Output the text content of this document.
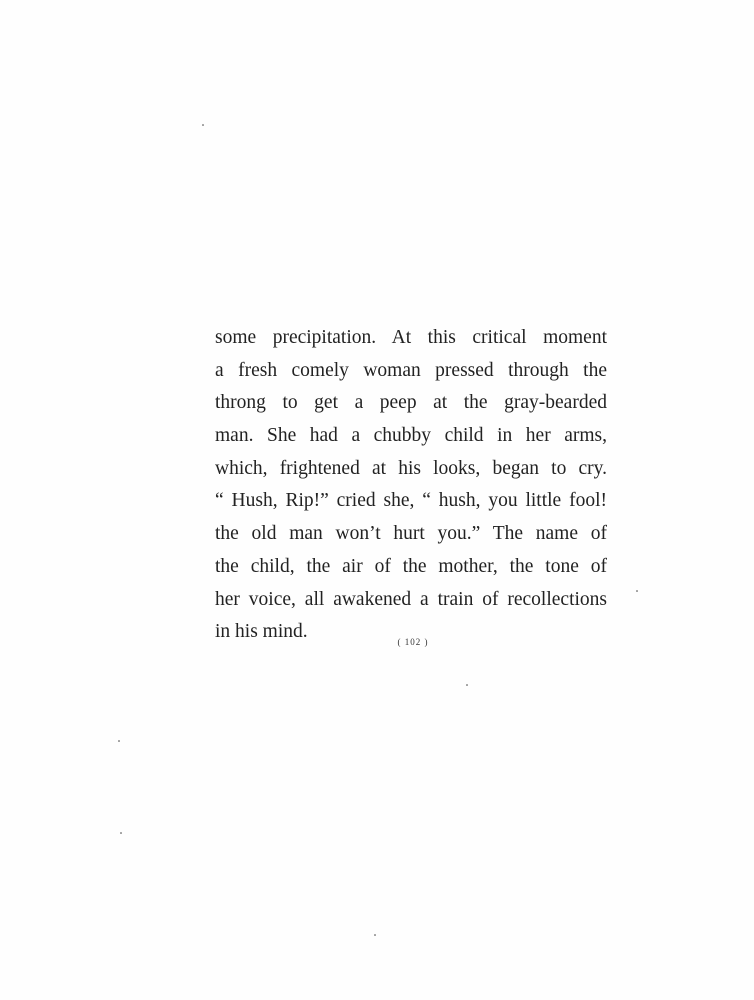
some precipitation. At this critical moment
a fresh comely woman pressed through the
throng to get a peep at the gray-bearded
man. She had a chubby child in her arms,
which, frightened at his looks, began to cry.
“ Hush, Rip!” cried she, “ hush, you little fool!
the old man won’t hurt you.” The name of
the child, the air of the mother, the tone of
her voice, all awakened a train of recollections
in his mind.	( 102 )
